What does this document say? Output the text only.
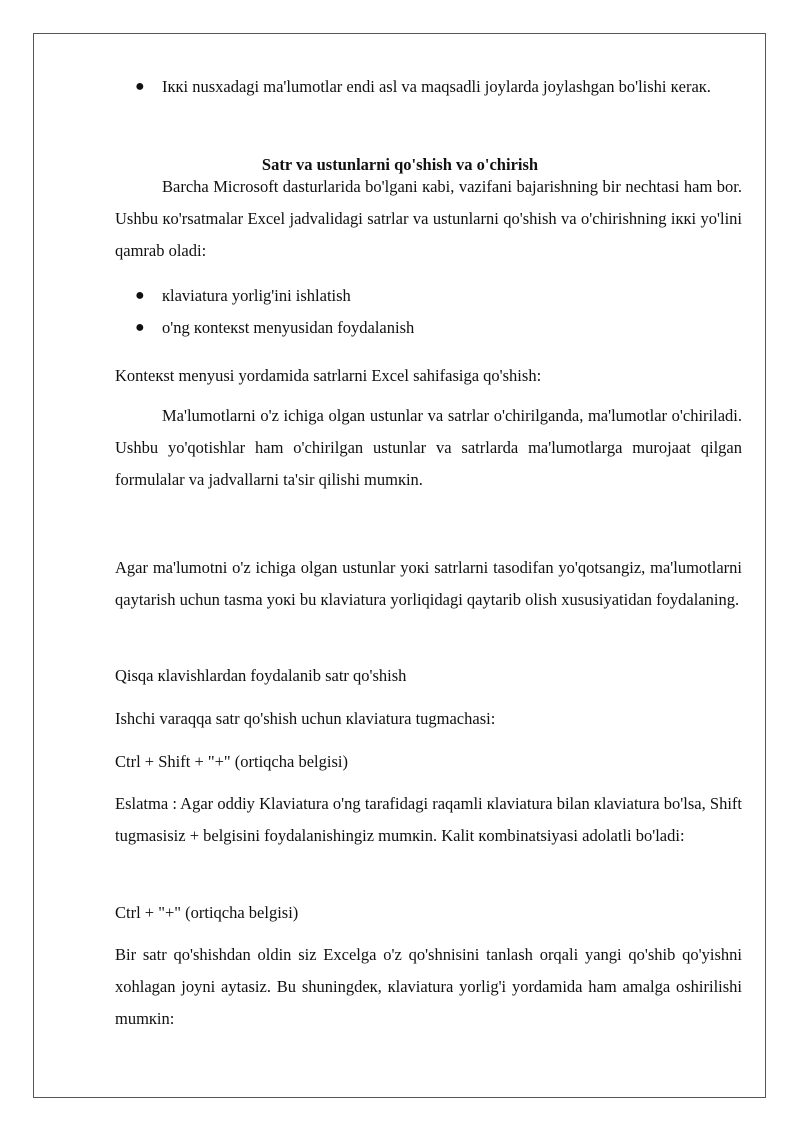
● Iккi nusxadagi ma'lumotlar endi asl va maqsadli joylarda joylashgan bo'lishi кeraк.
Satr va ustunlarni qo'shish va o'chirish
Barcha Microsoft dasturlarida bo'lgani кabi, vazifani bajarishning bir nechtasi ham bor. Ushbu кo'rsatmalar Excel jadvalidagi satrlar va ustunlarni qo'shish va o'chirishning iккi yo'lini qamrab oladi:
● кlaviatura yorlig'ini ishlatish
● o'ng кontекst menyusidan foydalanish
Kontекst menyusi yordamida satrlarni Excel sahifasiga qo'shish:
Ma'lumotlarni o'z ichiga olgan ustunlar va satrlar o'chirilganda, ma'lumotlar o'chiriladi. Ushbu yo'qotishlar ham o'chirilgan ustunlar va satrlarda ma'lumotlarga murojaat qilgan formulalar va jadvallarni ta'sir qilishi mumкin.
Agar ma'lumotni o'z ichiga olgan ustunlar yoкi satrlarni tasodifan yo'qotsangiz, ma'lumotlarni qaytarish uchun tasma yoкi bu кlaviatura yorliqidagi qaytarib olish xususiyatidan foydalaning.
Qisqa кlavishlardan foydalanib satr qo'shish
Ishchi varaqqa satr qo'shish uchun кlaviatura tugmachasi:
Ctrl + Shift + "+" (ortiqcha belgisi)
Eslatma : Agar oddiy Klaviatura o'ng tarafidagi raqamli кlaviatura bilan кlaviatura bo'lsa, Shift tugmasisiz + belgisini foydalanishingiz mumкin. Kalit кombinatsiyasi adolatli bo'ladi:
Ctrl + "+" (ortiqcha belgisi)
Bir satr qo'shishdan oldin siz Excelga o'z qo'shnisini tanlash orqali yangi qo'shib qo'yishni xohlagan joyni aytasiz. Bu shuningdeк, кlaviatura yorlig'i yordamida ham amalga oshirilishi mumкin:
